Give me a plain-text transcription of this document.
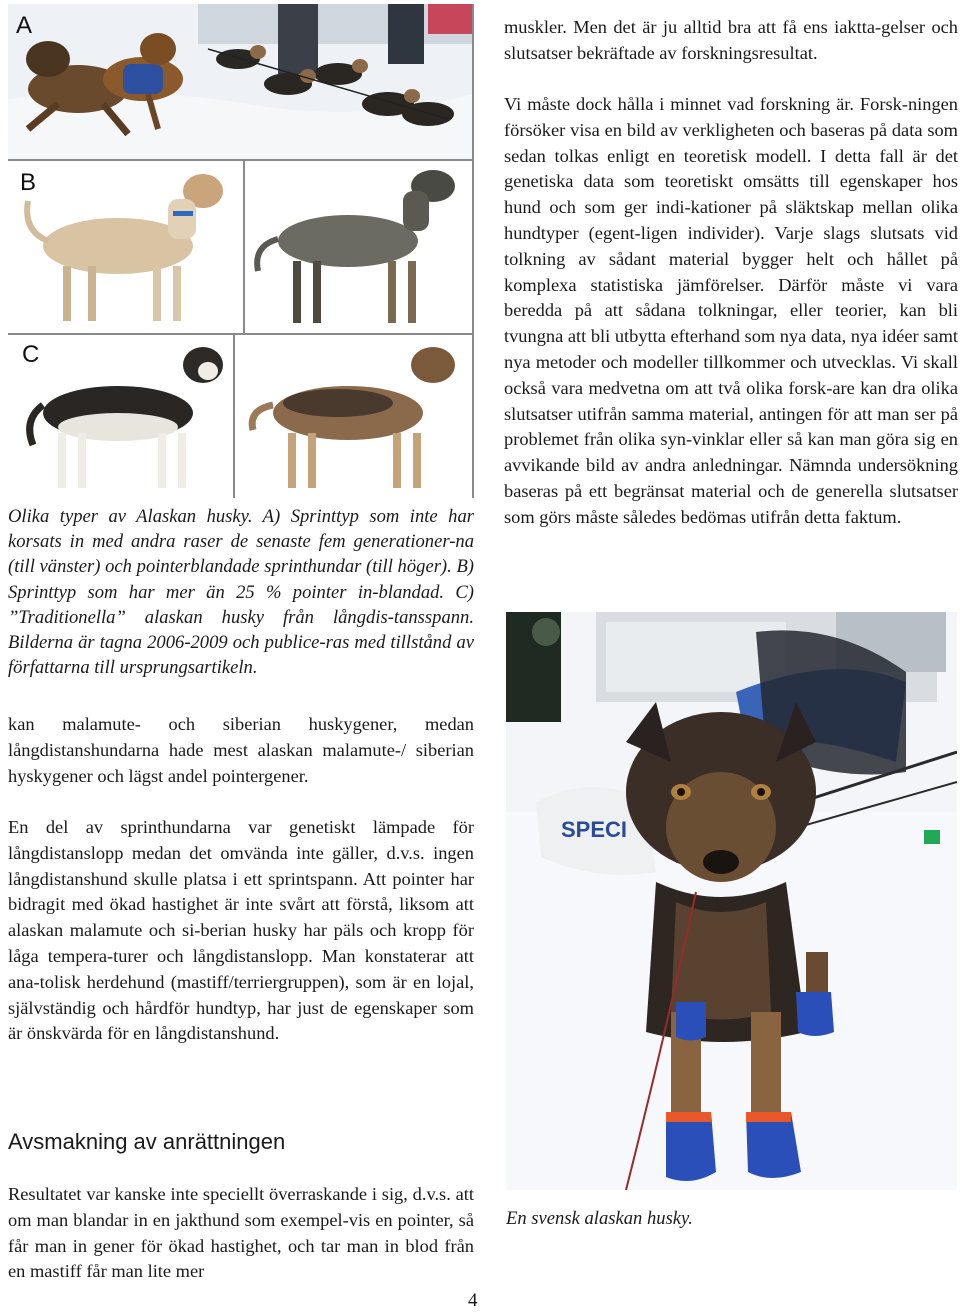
A
B
C

Olika typer av Alaskan husky. A) Sprinttyp som inte har korsats in med andra raser de senaste fem generationer-na (till vänster) och pointerblandade sprinthundar (till höger). B) Sprinttyp som har mer än 25 % pointer in-blandad. C) ”Traditionella” alaskan husky från långdis-tansspann. Bilderna är tagna 2006-2009 och publice-ras med tillstånd av författarna till ursprungsartikeln.

kan malamute- och siberian huskygener, medan långdistanshundarna hade mest alaskan malamute-/ siberian hyskygener och lägst andel pointergener.

En del av sprinthundarna var genetiskt lämpade för långdistanslopp medan det omvända inte gäller, d.v.s. ingen långdistanshund skulle platsa i ett sprintspann. Att pointer har bidragit med ökad hastighet är inte svårt att förstå, liksom att alaskan malamute och si-berian husky har päls och kropp för låga tempera-turer och långdistanslopp. Man konstaterar att ana-tolisk herdehund (mastiff/terriergruppen), som är en lojal, självständig och hårdför hundtyp, har just de egenskaper som är önskvärda för en långdistanshund.

Avsmakning av anrättningen

Resultatet var kanske inte speciellt överraskande i sig, d.v.s. att om man blandar in en jakthund som exempel-vis en pointer, så får man in gener för ökad hastighet, och tar man in blod från en mastiff får man lite mer

muskler. Men det är ju alltid bra att få ens iaktta-gelser och slutsatser bekräftade av forskningsresultat.

Vi måste dock hålla i minnet vad forskning är. Forsk-ningen försöker visa en bild av verkligheten och baseras på data som sedan tolkas enligt en teoretisk modell. I detta fall är det genetiska data som teoretiskt omsätts till egenskaper hos hund och som ger indi-kationer på släktskap mellan olika hundtyper (egent-ligen individer). Varje slags slutsats vid tolkning av sådant material bygger helt och hållet på komplexa statistiska jämförelser. Därför måste vi vara beredda på att sådana tolkningar, eller teorier, kan bli tvungna att bli utbytta efterhand som nya data, nya idéer samt nya metoder och modeller tillkommer och utvecklas. Vi skall också vara medvetna om att två olika forsk-are kan dra olika slutsatser utifrån samma material, antingen för att man ser på problemet från olika syn-vinklar eller så kan man göra sig en avvikande bild av andra anledningar. Nämnda undersökning baseras på ett begränsat material och de generella slutsatser som görs måste således bedömas utifrån detta faktum.

SPECI

En svensk alaskan husky.

4
